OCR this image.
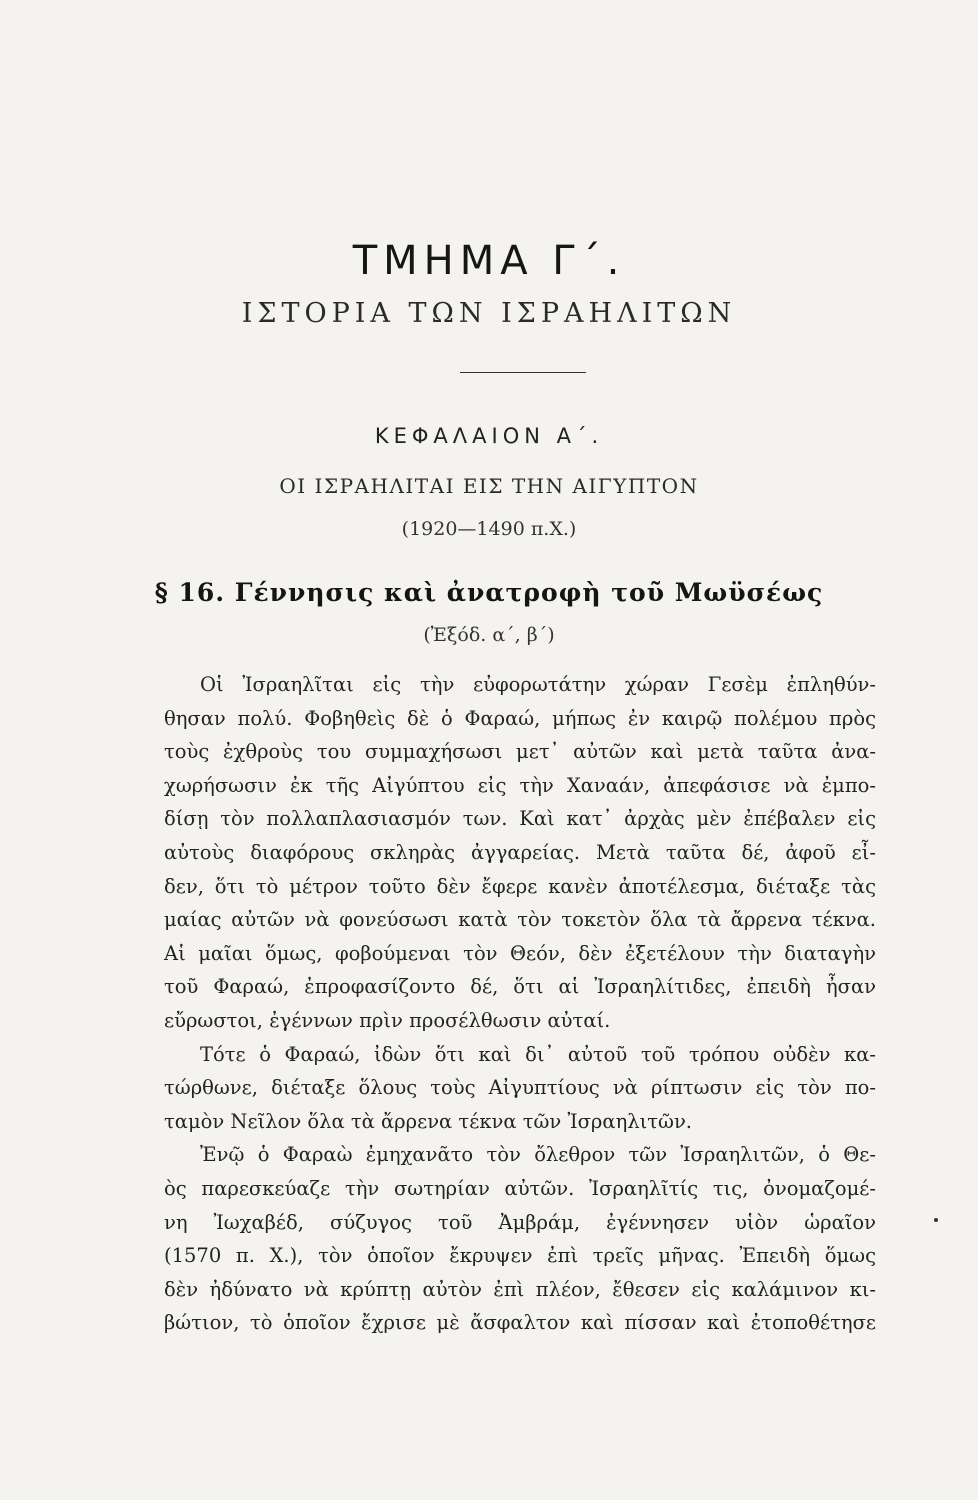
ΤΜΗΜΑ Γ΄.
ΙΣΤΟΡΙΑ ΤΩΝ ΙΣΡΑΗΛΙΤΩΝ
ΚΕΦΑΛΑΙΟΝ Α΄.
ΟΙ ΙΣΡΑΗΛΙΤΑΙ ΕΙΣ ΤΗΝ ΑΙΓΥΠΤΟΝ
(1920—1490 π.Χ.)
§ 16. Γέννησις καὶ ἀνατροφὴ τοῦ Μωϋσέως
(Ἐξόδ. α΄, β΄)
Οἱ Ἰσραηλῖται εἰς τὴν εὐφορωτάτην χώραν Γεσὲμ ἐπληθύν-
θησαν πολύ. Φοβηθεὶς δὲ ὁ Φαραώ, μήπως ἐν καιρῷ πολέμου πρὸς
τοὺς ἐχθροὺς του συμμαχήσωσι μετ᾽ αὐτῶν καὶ μετὰ ταῦτα ἀνα-
χωρήσωσιν ἐκ τῆς Αἰγύπτου εἰς τὴν Χαναάν, ἀπεφάσισε νὰ ἐμπο-
δίσῃ τὸν πολλαπλασιασμόν των. Καὶ κατ᾽ ἀρχὰς μὲν ἐπέβαλεν εἰς
αὐτοὺς διαφόρους σκληρὰς ἀγγαρείας. Μετὰ ταῦτα δέ, ἀφοῦ εἶ-
δεν, ὅτι τὸ μέτρον τοῦτο δὲν ἔφερε κανὲν ἀποτέλεσμα, διέταξε τὰς
μαίας αὐτῶν νὰ φονεύσωσι κατὰ τὸν τοκετὸν ὅλα τὰ ἄρρενα τέκνα.
Αἱ μαῖαι ὅμως, φοβούμεναι τὸν Θεόν, δὲν ἐξετέλουν τὴν διαταγὴν
τοῦ Φαραώ, ἐπροφασίζοντο δέ, ὅτι αἱ Ἰσραηλίτιδες, ἐπειδὴ ἦσαν
εὔρωστοι, ἐγέννων πρὶν προσέλθωσιν αὐταί.
Τότε ὁ Φαραώ, ἰδὼν ὅτι καὶ δι᾽ αὐτοῦ τοῦ τρόπου οὐδὲν κα-
τώρθωνε, διέταξε ὅλους τοὺς Αἰγυπτίους νὰ ρίπτωσιν εἰς τὸν πο-
ταμὸν Νεῖλον ὅλα τὰ ἄρρενα τέκνα τῶν Ἰσραηλιτῶν.
Ἐνῷ ὁ Φαραὼ ἐμηχανᾶτο τὸν ὄλεθρον τῶν Ἰσραηλιτῶν, ὁ Θε-
ὸς παρεσκεύαζε τὴν σωτηρίαν αὐτῶν. Ἰσραηλῖτίς τις, ὀνομαζομέ-
νη Ἰωχαβέδ, σύζυγος τοῦ Ἀμβράμ, ἐγέννησεν υἱὸν ὡραῖον
(1570 π. Χ.), τὸν ὁποῖον ἔκρυψεν ἐπὶ τρεῖς μῆνας. Ἐπειδὴ ὅμως
δὲν ἠδύνατο νὰ κρύπτῃ αὐτὸν ἐπὶ πλέον, ἔθεσεν εἰς καλάμινον κι-
βώτιον, τὸ ὁποῖον ἔχρισε μὲ ἄσφαλτον καὶ πίσσαν καὶ ἐτοποθέτησε
